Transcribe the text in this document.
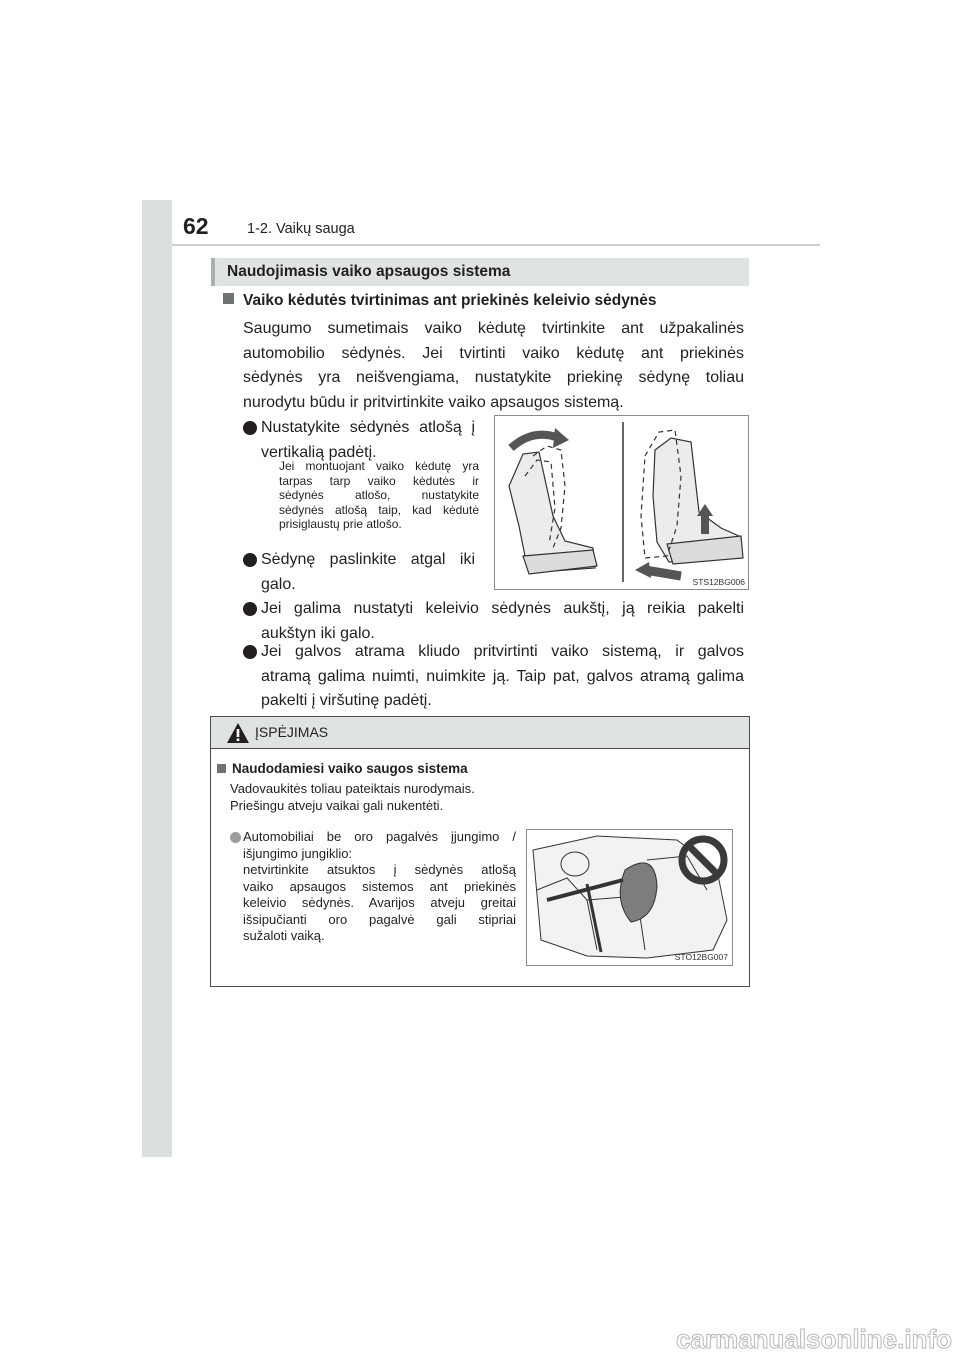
62	1-2. Vaikų sauga
Naudojimasis vaiko apsaugos sistema
Vaiko kėdutės tvirtinimas ant priekinės keleivio sėdynės
Saugumo sumetimais vaiko kėdutę tvirtinkite ant užpakalinės
automobilio sėdynės. Jei tvirtinti vaiko kėdutę ant priekinės
sėdynės yra neišvengiama, nustatykite priekinę sėdynę toliau
nurodytu būdu ir pritvirtinkite vaiko apsaugos sistemą.
Nustatykite sėdynės atlošą į
vertikalią padėtį.
Jei montuojant vaiko kėdutę yra
tarpas tarp vaiko kėdutės ir
sėdynės atlošo, nustatykite
sėdynės atlošą taip, kad kėdutė
prisiglaustų prie atlošo.
Sėdynę paslinkite atgal iki
galo.	STS12BG006
Jei galima nustatyti keleivio sėdynės aukštį, ją reikia pakelti
aukštyn iki galo.
Jei galvos atrama kliudo pritvirtinti vaiko sistemą, ir galvos
atramą galima nuimti, nuimkite ją. Taip pat, galvos atramą galima
pakelti į viršutinę padėtį.
ĮSPĖJIMAS
Naudodamiesi vaiko saugos sistema
Vadovaukitės toliau pateiktais nurodymais.
Priešingu atveju vaikai gali nukentėti.
Automobiliai be oro pagalvės įjungimo /
išjungimo jungiklio:
netvirtinkite atsuktos į sėdynės atlošą
vaiko apsaugos sistemos ant priekinės
keleivio sėdynės. Avarijos atveju greitai
išsipučianti oro pagalvė gali stipriai
sužaloti vaiką.
STO12BG007
carmanualsonline.info
